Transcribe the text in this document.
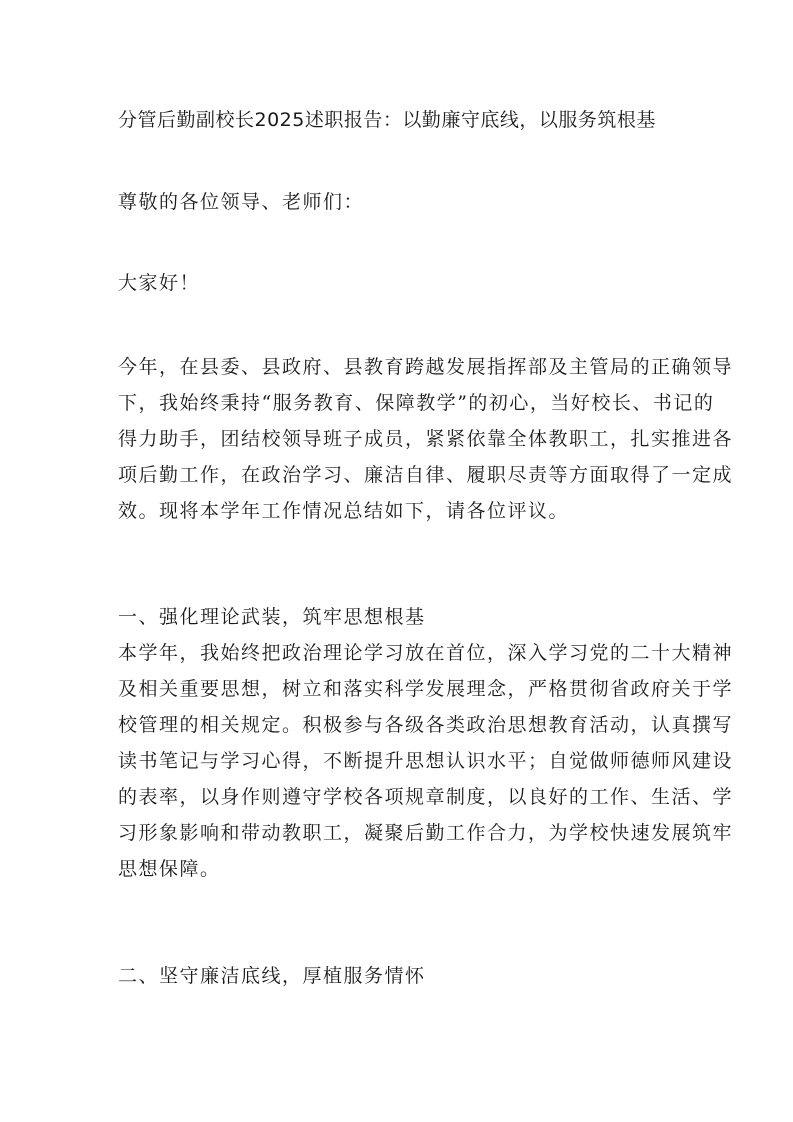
分管后勤副校长2025述职报告：以勤廉守底线，以服务筑根基
尊敬的各位领导、老师们：
大家好！
今年，在县委、县政府、县教育跨越发展指挥部及主管局的正确领导
下，我始终秉持“服务教育、保障教学”的初心，当好校长、书记的
得力助手，团结校领导班子成员，紧紧依靠全体教职工，扎实推进各
项后勤工作，在政治学习、廉洁自律、履职尽责等方面取得了一定成
效。现将本学年工作情况总结如下，请各位评议。
一、强化理论武装，筑牢思想根基
本学年，我始终把政治理论学习放在首位，深入学习党的二十大精神
及相关重要思想，树立和落实科学发展理念，严格贯彻省政府关于学
校管理的相关规定。积极参与各级各类政治思想教育活动，认真撰写
读书笔记与学习心得，不断提升思想认识水平；自觉做师德师风建设
的表率，以身作则遵守学校各项规章制度，以良好的工作、生活、学
习形象影响和带动教职工，凝聚后勤工作合力，为学校快速发展筑牢
思想保障。
二、坚守廉洁底线，厚植服务情怀
